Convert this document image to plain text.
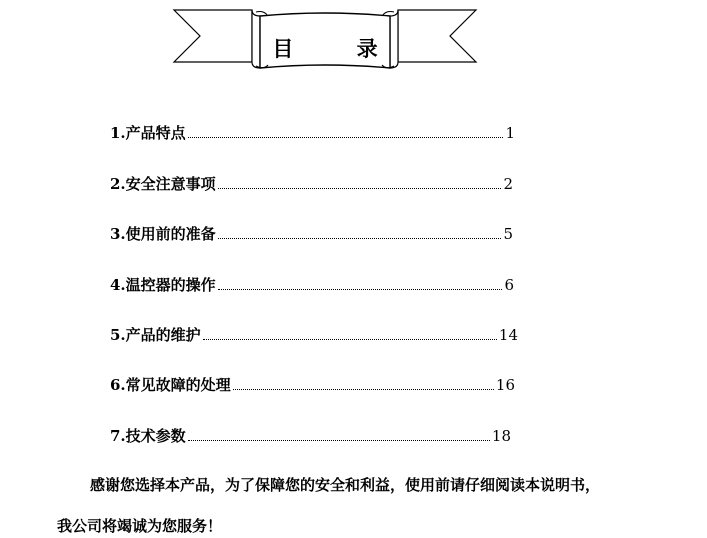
目 录
1. 产品特点	1
2. 安全注意事项	2
3. 使用前的准备	5
4. 温控器的操作	6
5. 产品的维护	14
6. 常见故障的处理	16
7. 技术参数	18
感谢您选择本产品，为了保障您的安全和利益，使用前请仔细阅读本说明书，
我公司将竭诚为您服务！
